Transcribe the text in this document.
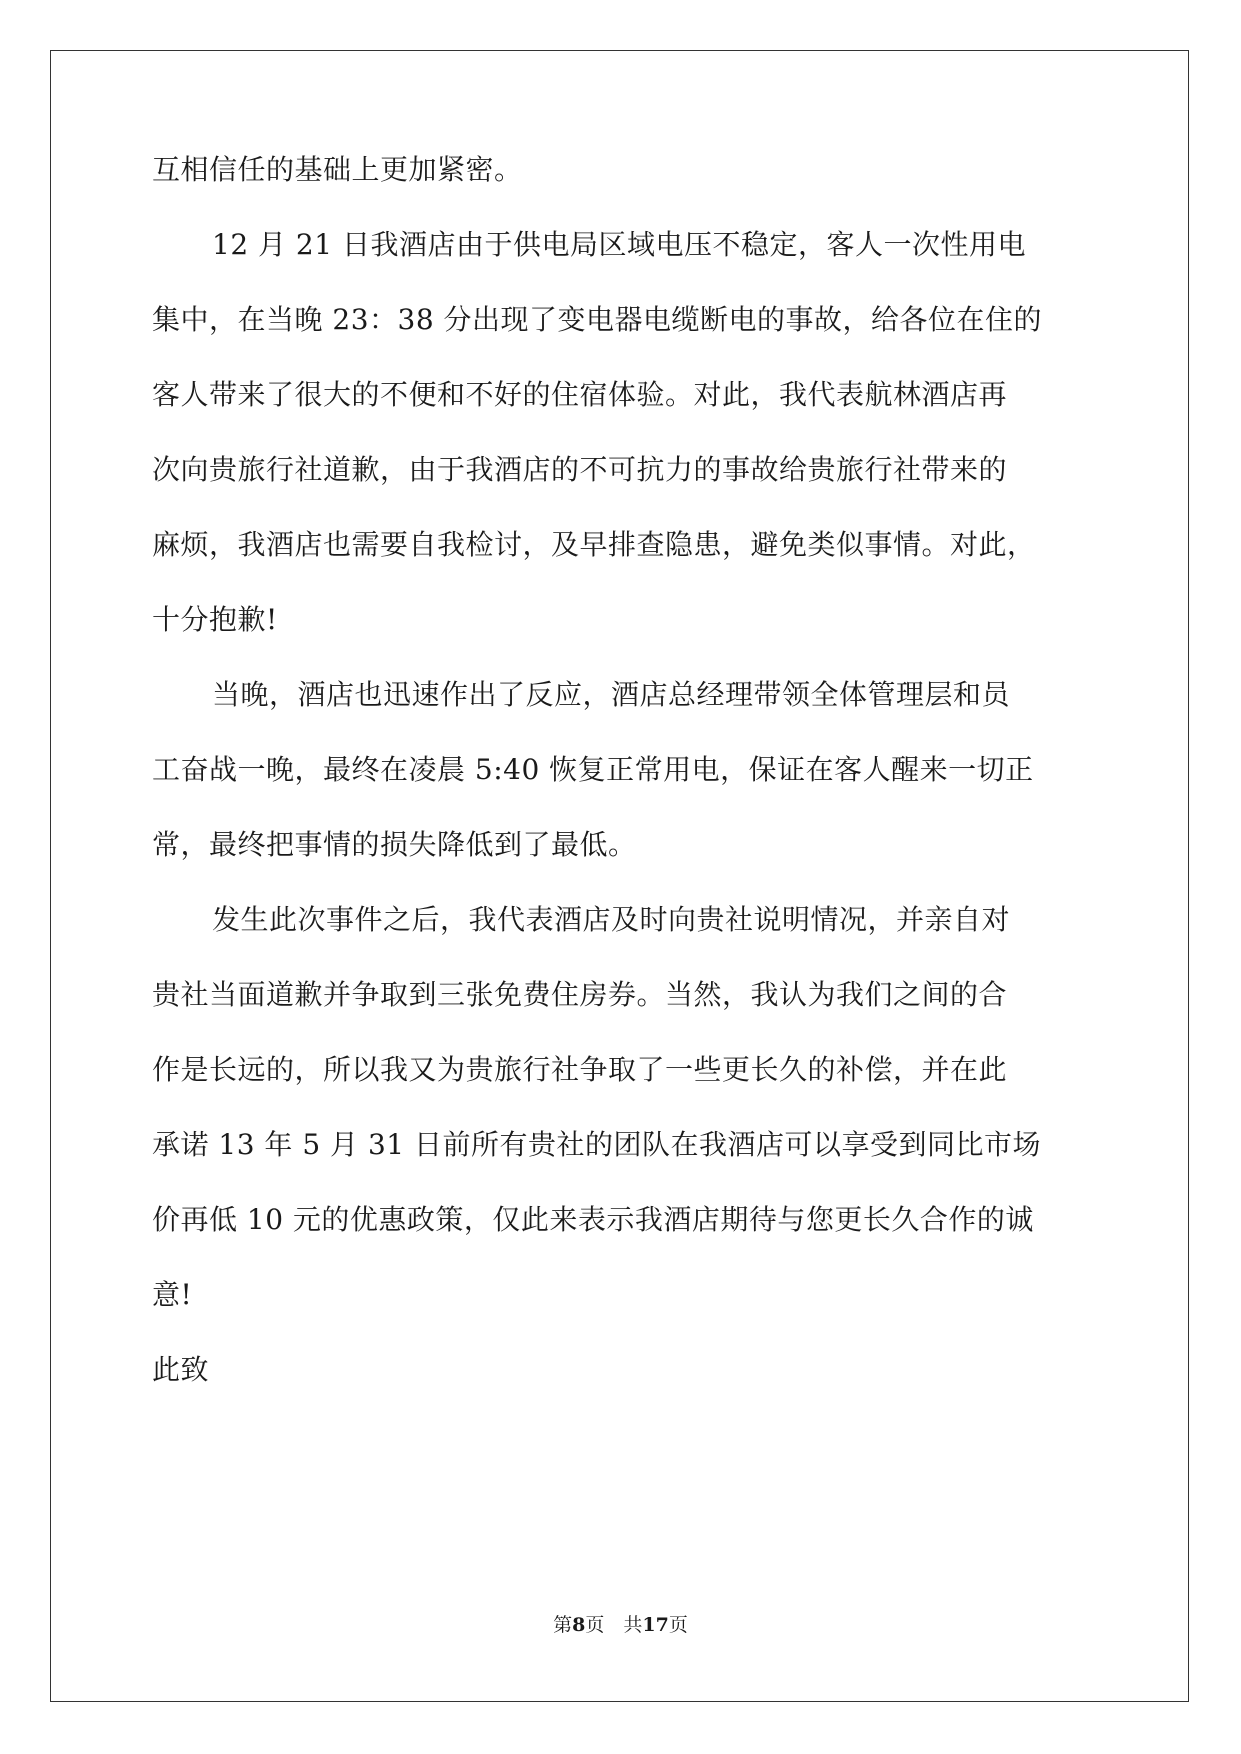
互相信任的基础上更加紧密。

12 月 21 日我酒店由于供电局区域电压不稳定，客人一次性用电

集中，在当晚 23：38 分出现了变电器电缆断电的事故，给各位在住的

客人带来了很大的不便和不好的住宿体验。对此，我代表航林酒店再

次向贵旅行社道歉，由于我酒店的不可抗力的事故给贵旅行社带来的

麻烦，我酒店也需要自我检讨，及早排查隐患，避免类似事情。对此，

十分抱歉!

当晚，酒店也迅速作出了反应，酒店总经理带领全体管理层和员

工奋战一晚，最终在凌晨 5:40 恢复正常用电，保证在客人醒来一切正

常，最终把事情的损失降低到了最低。

发生此次事件之后，我代表酒店及时向贵社说明情况，并亲自对

贵社当面道歉并争取到三张免费住房券。当然，我认为我们之间的合

作是长远的，所以我又为贵旅行社争取了一些更长久的补偿，并在此

承诺 13 年 5 月 31 日前所有贵社的团队在我酒店可以享受到同比市场

价再低 10 元的优惠政策，仅此来表示我酒店期待与您更长久合作的诚

意!

此致

第8页　共17页
